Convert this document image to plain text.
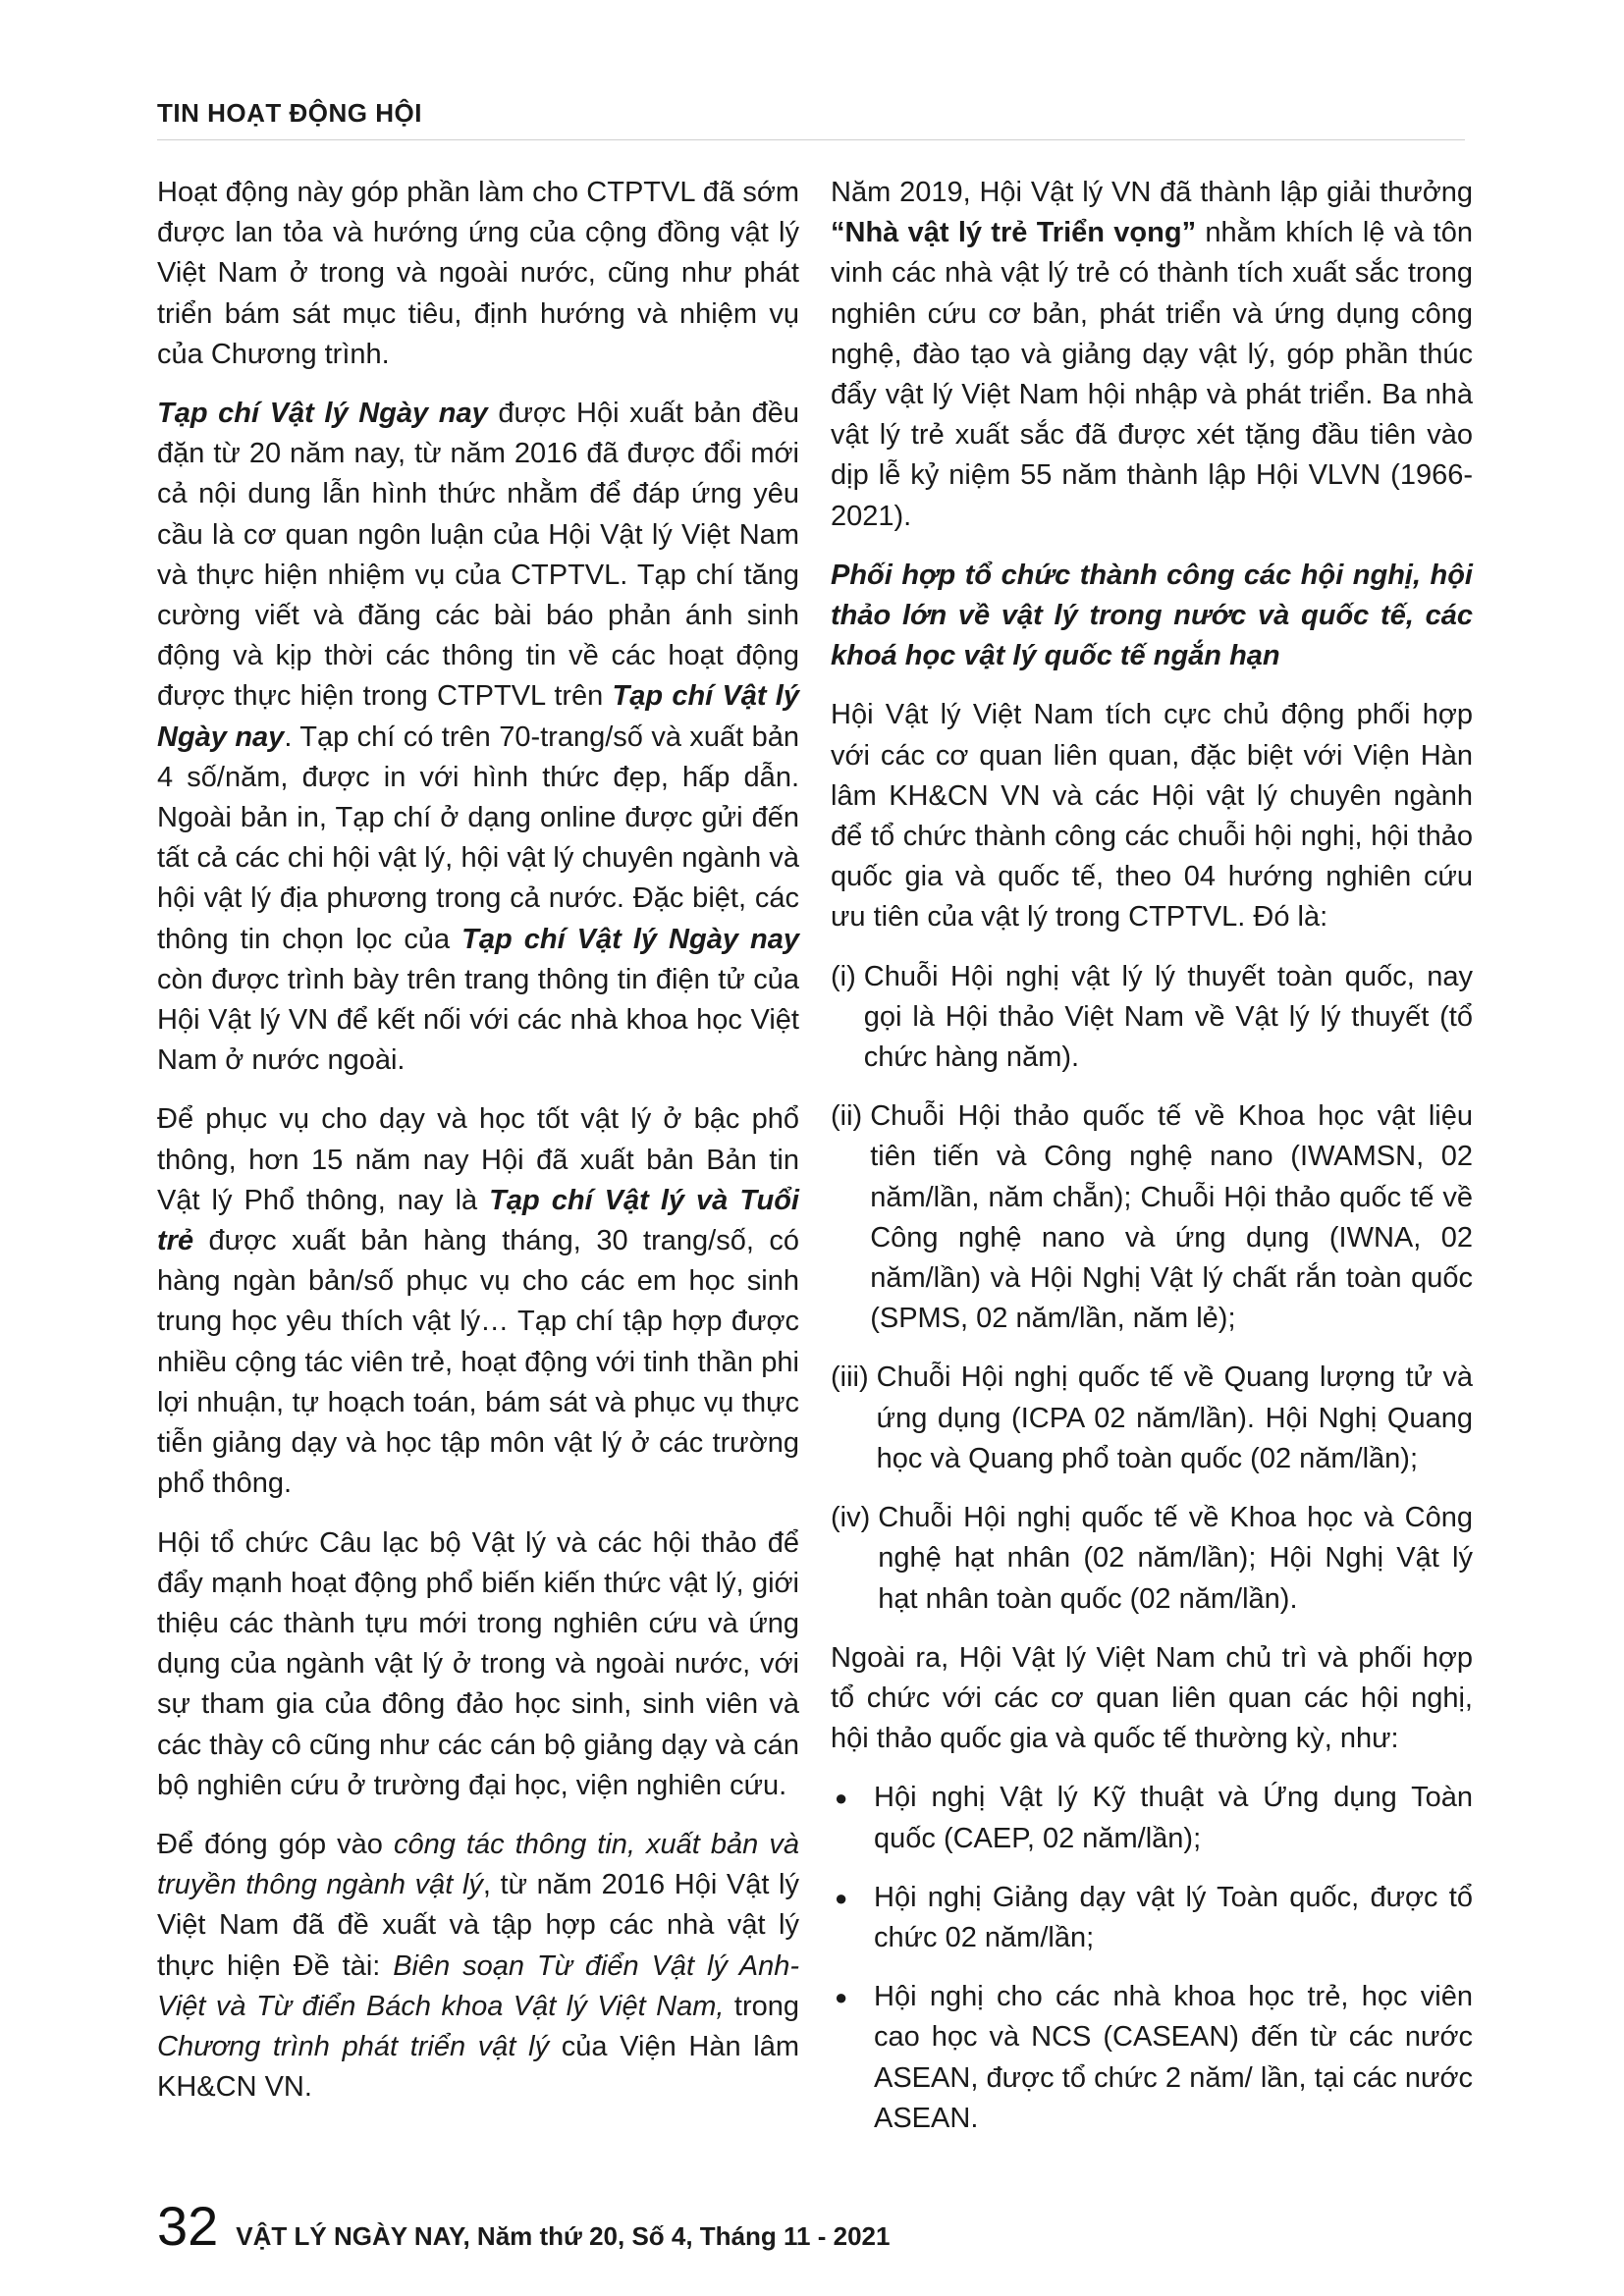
TIN HOẠT ĐỘNG HỘI

Hoạt động này góp phần làm cho CTPTVL đã sớm được lan tỏa và hướng ứng của cộng đồng vật lý Việt Nam ở trong và ngoài nước, cũng như phát triển bám sát mục tiêu, định hướng và nhiệm vụ của Chương trình.

Tạp chí Vật lý Ngày nay được Hội xuất bản đều đặn từ 20 năm nay, từ năm 2016 đã được đổi mới cả nội dung lẫn hình thức nhằm để đáp ứng yêu cầu là cơ quan ngôn luận của Hội Vật lý Việt Nam và thực hiện nhiệm vụ của CTPTVL. Tạp chí tăng cường viết và đăng các bài báo phản ánh sinh động và kịp thời các thông tin về các hoạt động được thực hiện trong CTPTVL trên Tạp chí Vật lý Ngày nay. Tạp chí có trên 70-trang/số và xuất bản 4 số/năm, được in với hình thức đẹp, hấp dẫn. Ngoài bản in, Tạp chí ở dạng online được gửi đến tất cả các chi hội vật lý, hội vật lý chuyên ngành và hội vật lý địa phương trong cả nước. Đặc biệt, các thông tin chọn lọc của Tạp chí Vật lý Ngày nay còn được trình bày trên trang thông tin điện tử của Hội Vật lý VN để kết nối với các nhà khoa học Việt Nam ở nước ngoài.

Để phục vụ cho dạy và học tốt vật lý ở bậc phổ thông, hơn 15 năm nay Hội đã xuất bản Bản tin Vật lý Phổ thông, nay là Tạp chí Vật lý và Tuổi trẻ được xuất bản hàng tháng, 30 trang/số, có hàng ngàn bản/số phục vụ cho các em học sinh trung học yêu thích vật lý… Tạp chí tập hợp được nhiều cộng tác viên trẻ, hoạt động với tinh thần phi lợi nhuận, tự hoạch toán, bám sát và phục vụ thực tiễn giảng dạy và học tập môn vật lý ở các trường phổ thông.

Hội tổ chức Câu lạc bộ Vật lý và các hội thảo để đẩy mạnh hoạt động phổ biến kiến thức vật lý, giới thiệu các thành tựu mới trong nghiên cứu và ứng dụng của ngành vật lý ở trong và ngoài nước, với sự tham gia của đông đảo học sinh, sinh viên và các thày cô cũng như các cán bộ giảng dạy và cán bộ nghiên cứu ở trường đại học, viện nghiên cứu.

Để đóng góp vào công tác thông tin, xuất bản và truyền thông ngành vật lý, từ năm 2016 Hội Vật lý Việt Nam đã đề xuất và tập hợp các nhà vật lý thực hiện Đề tài: Biên soạn Từ điển Vật lý Anh-Việt và Từ điển Bách khoa Vật lý Việt Nam, trong Chương trình phát triển vật lý của Viện Hàn lâm KH&CN VN.

Năm 2019, Hội Vật lý VN đã thành lập giải thưởng “Nhà vật lý trẻ Triển vọng” nhằm khích lệ và tôn vinh các nhà vật lý trẻ có thành tích xuất sắc trong nghiên cứu cơ bản, phát triển và ứng dụng công nghệ, đào tạo và giảng dạy vật lý, góp phần thúc đẩy vật lý Việt Nam hội nhập và phát triển. Ba nhà vật lý trẻ xuất sắc đã được xét tặng đầu tiên vào dịp lễ kỷ niệm 55 năm thành lập Hội VLVN (1966-2021).

Phối hợp tổ chức thành công các hội nghị, hội thảo lớn về vật lý trong nước và quốc tế, các khoá học vật lý quốc tế ngắn hạn

Hội Vật lý Việt Nam tích cực chủ động phối hợp với các cơ quan liên quan, đặc biệt với Viện Hàn lâm KH&CN VN và các Hội vật lý chuyên ngành để tổ chức thành công các chuỗi hội nghị, hội thảo quốc gia và quốc tế, theo 04 hướng nghiên cứu ưu tiên của vật lý trong CTPTVL. Đó là:

(i) Chuỗi Hội nghị vật lý lý thuyết toàn quốc, nay gọi là Hội thảo Việt Nam về Vật lý lý thuyết (tổ chức hàng năm).

(ii) Chuỗi Hội thảo quốc tế về Khoa học vật liệu tiên tiến và Công nghệ nano (IWAMSN, 02 năm/lần, năm chẵn); Chuỗi Hội thảo quốc tế về Công nghệ nano và ứng dụng (IWNA, 02 năm/lần) và Hội Nghị Vật lý chất rắn toàn quốc (SPMS, 02 năm/lần, năm lẻ);

(iii) Chuỗi Hội nghị quốc tế về Quang lượng tử và ứng dụng (ICPA 02 năm/lần). Hội Nghị Quang học và Quang phổ toàn quốc (02 năm/lần);

(iv) Chuỗi Hội nghị quốc tế về Khoa học và Công nghệ hạt nhân (02 năm/lần); Hội Nghị Vật lý hạt nhân toàn quốc (02 năm/lần).

Ngoài ra, Hội Vật lý Việt Nam chủ trì và phối hợp tổ chức với các cơ quan liên quan các hội nghị, hội thảo quốc gia và quốc tế thường kỳ, như:

● Hội nghị Vật lý Kỹ thuật và Ứng dụng Toàn quốc (CAEP, 02 năm/lần);

● Hội nghị Giảng dạy vật lý Toàn quốc, được tổ chức 02 năm/lần;

● Hội nghị cho các nhà khoa học trẻ, học viên cao học và NCS (CASEAN) đến từ các nước ASEAN, được tổ chức 2 năm/ lần, tại các nước ASEAN.

32 VẬT LÝ NGÀY NAY, Năm thứ 20, Số 4, Tháng 11 - 2021
